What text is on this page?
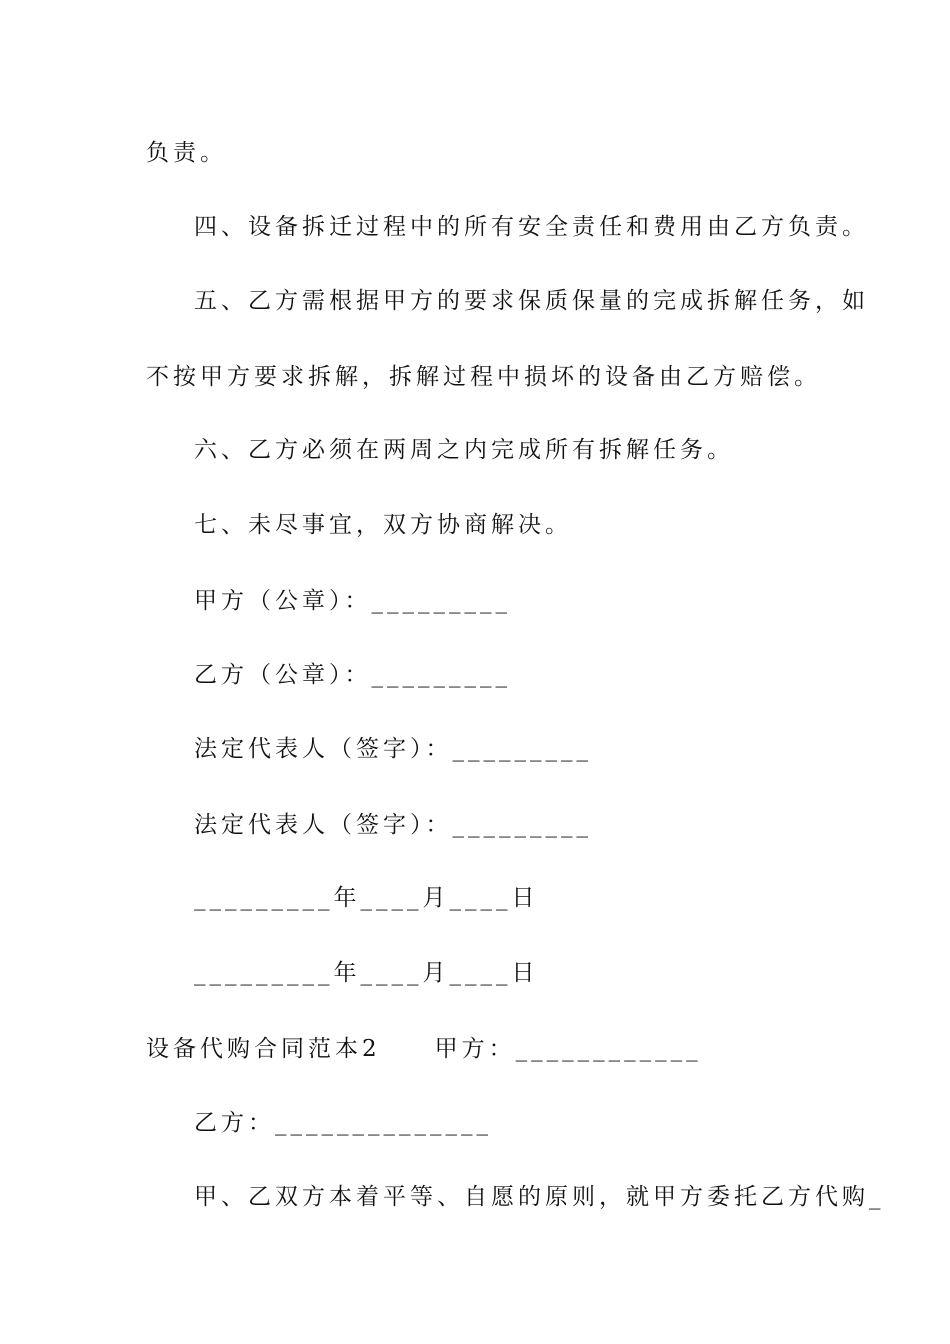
负责。
四、设备拆迁过程中的所有安全责任和费用由乙方负责。
五、乙方需根据甲方的要求保质保量的完成拆解任务，如
不按甲方要求拆解，拆解过程中损坏的设备由乙方赔偿。
六、乙方必须在两周之内完成所有拆解任务。
七、未尽事宜，双方协商解决。
甲方（公章）：_________
乙方（公章）：_________
法定代表人（签字）：_________
法定代表人（签字）：_________
_________年____月____日
_________年____月____日
设备代购合同范本2　　甲方：____________
乙方：______________
甲、乙双方本着平等、自愿的原则，就甲方委托乙方代购_
